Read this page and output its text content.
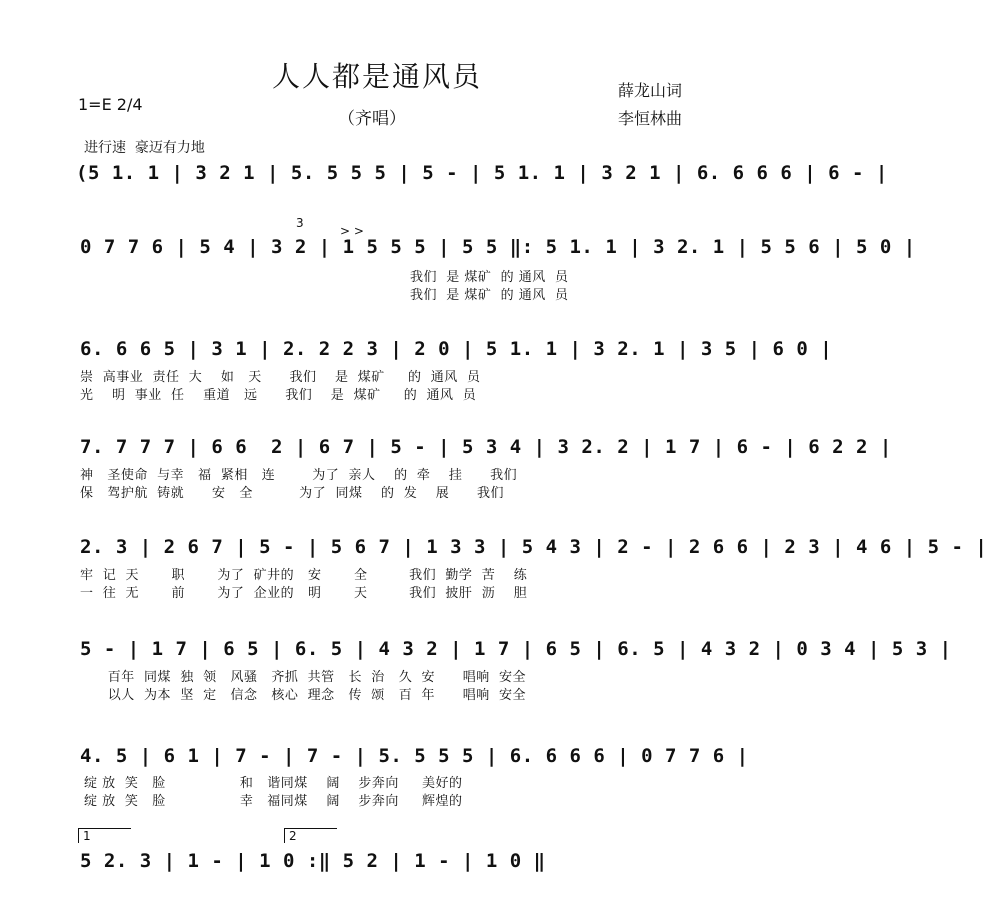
人人都是通风员
（齐唱）
1=E 2/4
薛龙山词
李恒林曲
进行速  豪迈有力地
(5 1. 1 | 3 2 1 | 5. 5 5 5 | 5 - | 5 1. 1 | 3 2 1 | 6. 6 6 6 | 6 - |
3
> >
0 7 7 6 | 5 4 | 3 2 | 1 5 5 5 | 5 5 ‖: 5 1. 1 | 3 2. 1 | 5 5 6 | 5 0 |
我们  是 煤矿  的 通风  员
我们  是 煤矿  的 通风  员
6. 6 6 5 | 3 1 | 2. 2 2 3 | 2 0 | 5 1. 1 | 3 2. 1 | 3 5 | 6 0 |
崇  高事业  责任  大    如   天      我们    是  煤矿     的  通风  员
光    明  事业  任    重道   远      我们    是  煤矿     的  通风  员
7. 7 7 7 | 6 6  2 | 6 7 | 5 - | 5 3 4 | 3 2. 2 | 1 7 | 6 - | 6 2 2 |
神   圣使命  与幸   福  紧相   连        为了  亲人    的  牵    挂      我们
保   驾护航  铸就      安   全          为了  同煤    的  发    展      我们
2. 3 | 2 6 7 | 5 - | 5 6 7 | 1 3 3 | 5 4 3 | 2 - | 2 6 6 | 2 3 | 4 6 | 5 - |
牢  记  天       职       为了  矿井的   安       全         我们  勤学  苦    练
一  往  无       前       为了  企业的   明       天         我们  披肝  沥    胆
5 - | 1 7 | 6 5 | 6. 5 | 4 3 2 | 1 7 | 6 5 | 6. 5 | 4 3 2 | 0 3 4 | 5 3 |
百年  同煤  独  领   风骚   齐抓  共管   长  治   久  安      唱响  安全
以人  为本  坚  定   信念   核心  理念   传  颂   百  年      唱响  安全
4. 5 | 6 1 | 7 - | 7 - | 5. 5 5 5 | 6. 6 6 6 | 0 7 7 6 |
绽 放  笑   脸                和   谐同煤    阔    步奔向     美好的
绽 放  笑   脸                幸   福同煤    阔    步奔向     辉煌的
1	2
5 2. 3 | 1 - | 1 0 :‖ 5 2 | 1 - | 1 0 ‖
